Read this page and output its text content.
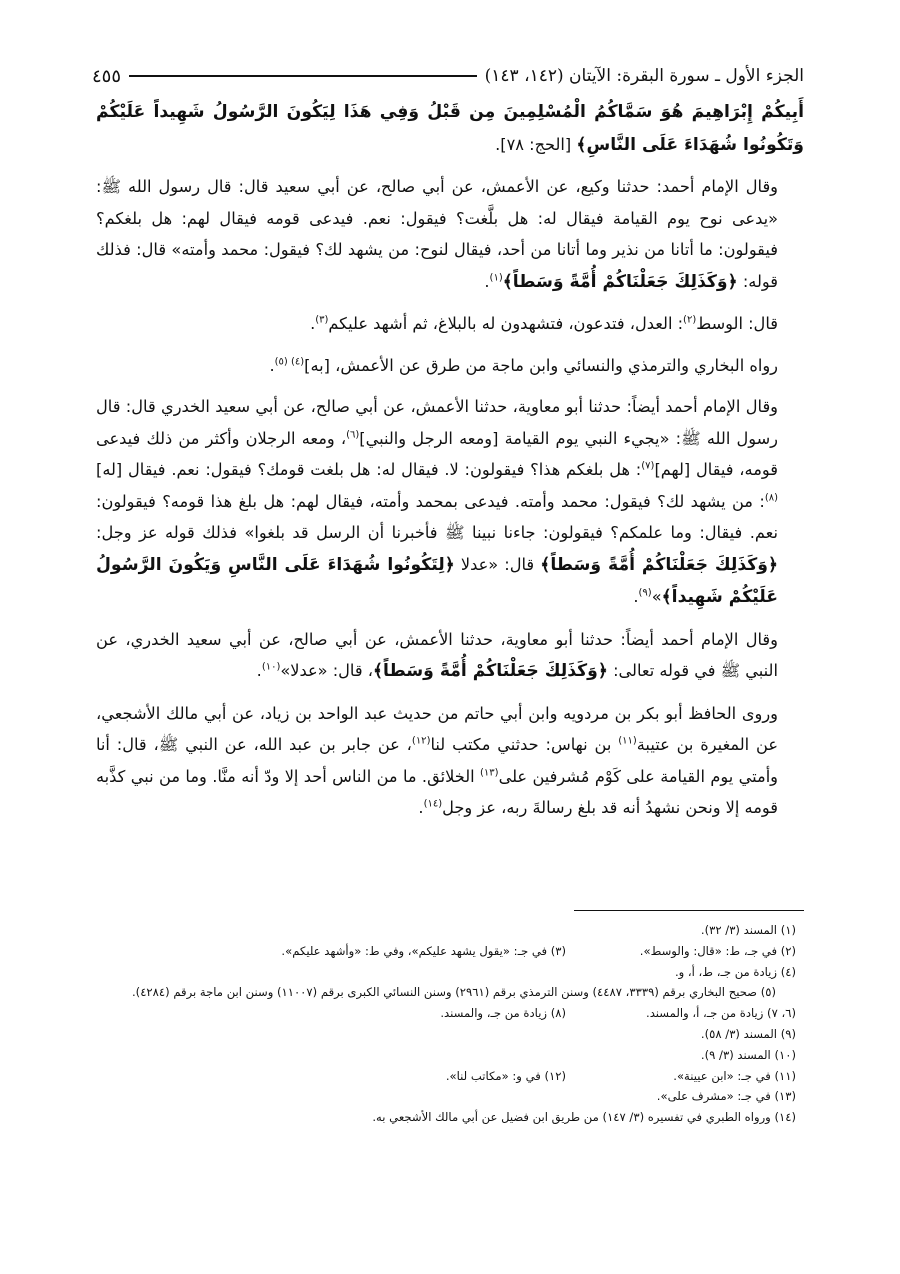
الجزء الأول ـ سورة البقرة: الآيتان (١٤٢، ١٤٣)
٤٥٥

أَبِيكُمْ إِبْرَاهِيمَ هُوَ سَمَّاكُمُ الْمُسْلِمِينَ مِن قَبْلُ وَفِي هَذَا لِيَكُونَ الرَّسُولُ شَهِيداً عَلَيْكُمْ وَتَكُونُوا شُهَدَاءَ عَلَى النَّاسِ﴾ [الحج: ٧٨].

وقال الإمام أحمد: حدثنا وكيع، عن الأعمش، عن أبي صالح، عن أبي سعيد قال: قال رسول الله ﷺ: «يدعى نوح يوم القيامة فيقال له: هل بلَّغت؟ فيقول: نعم. فيدعى قومه فيقال لهم: هل بلغكم؟ فيقولون: ما أتانا من نذير وما أتانا من أحد، فيقال لنوح: من يشهد لك؟ فيقول: محمد وأمته» قال: فذلك قوله: ﴿وَكَذَلِكَ جَعَلْنَاكُمْ أُمَّةً وَسَطاً﴾$^{(١)}$.

قال: الوسط$^{(٢)}$: العدل، فتدعون، فتشهدون له بالبلاغ، ثم أشهد عليكم$^{(٣)}$.

رواه البخاري والترمذي والنسائي وابن ماجة من طرق عن الأعمش، [به]$^{(٤) (٥)}$.

وقال الإمام أحمد أيضاً: حدثنا أبو معاوية، حدثنا الأعمش، عن أبي صالح، عن أبي سعيد الخدري قال: قال رسول الله ﷺ: «يجيء النبي يوم القيامة [ومعه الرجل والنبي]$^{(٦)}$، ومعه الرجلان وأكثر من ذلك فيدعى قومه، فيقال [لهم]$^{(٧)}$: هل بلغكم هذا؟ فيقولون: لا. فيقال له: هل بلغت قومك؟ فيقول: نعم. فيقال [له]$^{(٨)}$: من يشهد لك؟ فيقول: محمد وأمته. فيدعى بمحمد وأمته، فيقال لهم: هل بلغ هذا قومه؟ فيقولون: نعم. فيقال: وما علمكم؟ فيقولون: جاءنا نبينا ﷺ فأخبرنا أن الرسل قد بلغوا» فذلك قوله عز وجل: ﴿وَكَذَلِكَ جَعَلْنَاكُمْ أُمَّةً وَسَطاً﴾ قال: «عدلا ﴿لِتَكُونُوا شُهَدَاءَ عَلَى النَّاسِ وَيَكُونَ الرَّسُولُ عَلَيْكُمْ شَهِيداً﴾»$^{(٩)}$.

وقال الإمام أحمد أيضاً: حدثنا أبو معاوية، حدثنا الأعمش، عن أبي صالح، عن أبي سعيد الخدري، عن النبي ﷺ في قوله تعالى: ﴿وَكَذَلِكَ جَعَلْنَاكُمْ أُمَّةً وَسَطاً﴾، قال: «عدلا»$^{(١٠)}$.

وروى الحافظ أبو بكر بن مردويه وابن أبي حاتم من حديث عبد الواحد بن زياد، عن أبي مالك الأشجعي، عن المغيرة بن عتيبة$^{(١١)}$ بن نهاس: حدثني مكتب لنا$^{(١٢)}$، عن جابر بن عبد الله، عن النبي ﷺ، قال: أنا وأمتي يوم القيامة على كَوْم مُشرفين على$^{(١٣)}$ الخلائق. ما من الناس أحد إلا ودّ أنه منَّا. وما من نبي كذَّبه قومه إلا ونحن نشهدُ أنه قد بلغ رسالةَ ربه، عز وجل$^{(١٤)}$.

(١) المسند (٣/ ٣٢).
(٢) في جـ، ط: «قال: والوسط».
(٣) في جـ: «يقول يشهد عليكم»، وفي ط: «وأشهد عليكم».
(٤) زيادة من جـ، ط، أ، و.
(٥) صحيح البخاري برقم (٣٣٣٩، ٤٤٨٧) وسنن الترمذي برقم (٢٩٦١) وسنن النسائي الكبرى برقم (١١٠٠٧) وسنن ابن ماجة برقم (٤٢٨٤).
(٦، ٧) زيادة من جـ، أ، والمسند.
(٨) زيادة من جـ، والمسند.
(٩) المسند (٣/ ٥٨).
(١٠) المسند (٣/ ٩).
(١١) في جـ: «ابن عيينة».
(١٢) في و: «مكاتب لنا».
(١٣) في جـ: «مشرف على».
(١٤) ورواه الطبري في تفسيره (٣/ ١٤٧) من طريق ابن فضيل عن أبي مالك الأشجعي به.
